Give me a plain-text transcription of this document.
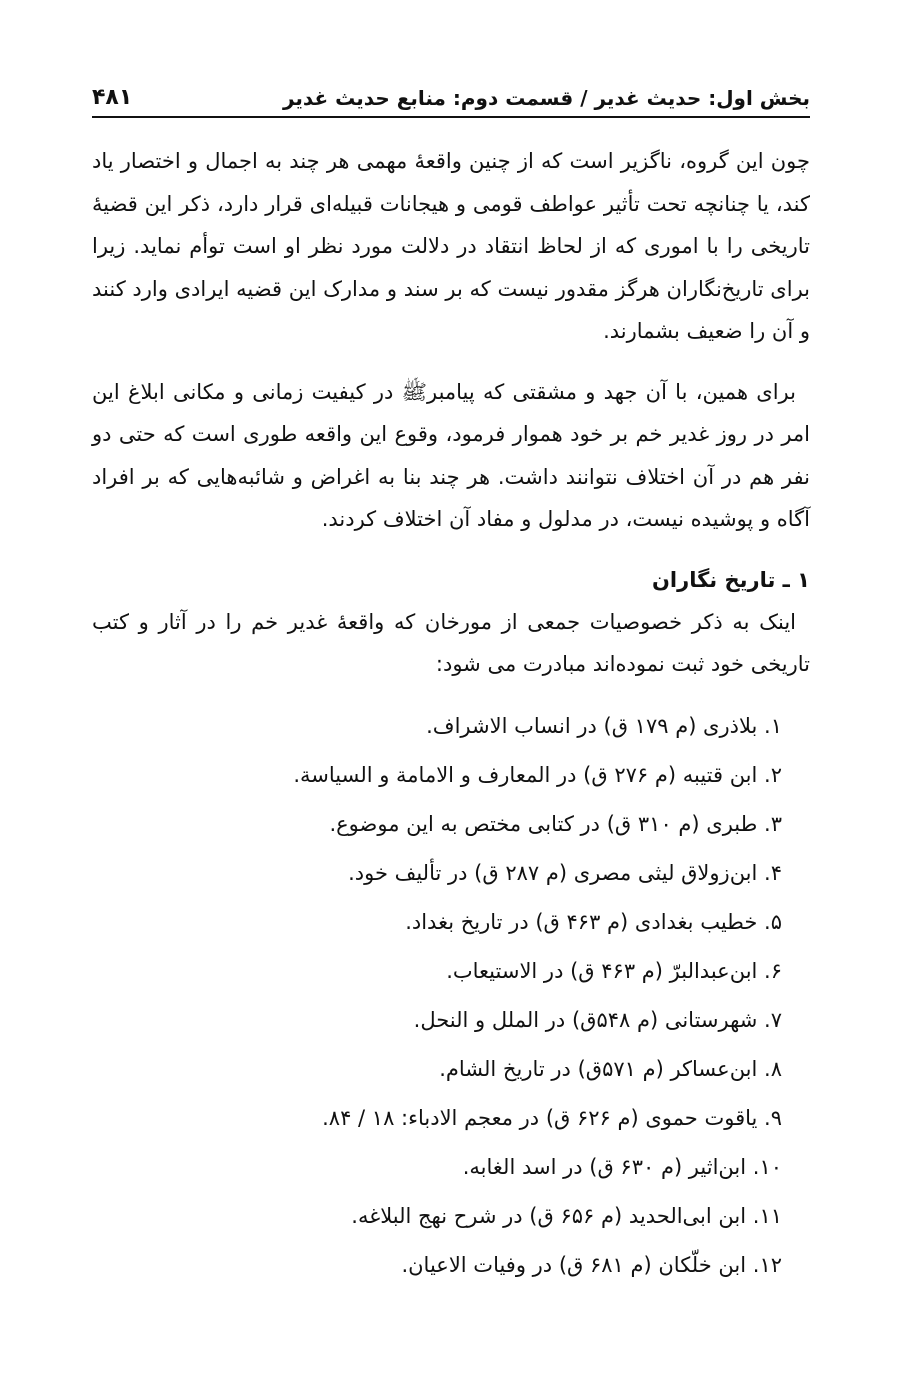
بخش اول: حدیث غدیر / قسمت دوم: منابع حدیث غدیر
۴۸۱

چون این گروه، ناگزیر است که از چنین واقعهٔ مهمی هر چند به اجمال و اختصار یاد کند، یا چنانچه تحت تأثیر عواطف قومی و هیجانات قبیله‌ای قرار دارد، ذکر این قضیهٔ تاریخی را با اموری که از لحاظ انتقاد در دلالت مورد نظر او است توأم نماید. زیرا برای تاریخ‌نگاران هرگز مقدور نیست که بر سند و مدارک این قضیه ایرادی وارد کنند و آن را ضعیف بشمارند.

برای همین، با آن جهد و مشقتی که پیامبرﷺ در کیفیت زمانی و مکانی ابلاغ این امر در روز غدیر خم بر خود هموار فرمود، وقوع این واقعه طوری است که حتی دو نفر هم در آن اختلاف نتوانند داشت. هر چند بنا به اغراض و شائبه‌هایی که بر افراد آگاه و پوشیده نیست، در مدلول و مفاد آن اختلاف کردند.

۱ ـ تاریخ نگاران

اینک به ذکر خصوصیات جمعی از مورخان که واقعهٔ غدیر خم را در آثار و کتب تاریخی خود ثبت نموده‌اند مبادرت می شود:

۱. بلاذری (م ۱۷۹ ق) در انساب الاشراف.
۲. ابن قتیبه (م ۲۷۶ ق) در المعارف و الامامة و السیاسة.
۳. طبری (م ۳۱۰ ق) در کتابی مختص به این موضوع.
۴. ابن‌زولاق لیثی مصری (م ۲۸۷ ق) در تألیف خود.
۵. خطیب بغدادی (م ۴۶۳ ق) در تاریخ بغداد.
۶. ابن‌عبدالبرّ (م ۴۶۳ ق) در الاستیعاب.
۷. شهرستانی (م ۵۴۸ق) در الملل و النحل.
۸. ابن‌عساکر (م ۵۷۱ق) در تاریخ الشام.
۹. یاقوت حموی (م ۶۲۶ ق) در معجم الادباء: ۱۸ / ۸۴.
۱۰. ابن‌اثیر (م ۶۳۰ ق) در اسد الغابه.
۱۱. ابن ابی‌الحدید (م ۶۵۶ ق) در شرح نهج البلاغه.
۱۲. ابن خلّکان (م ۶۸۱ ق) در وفیات الاعیان.
